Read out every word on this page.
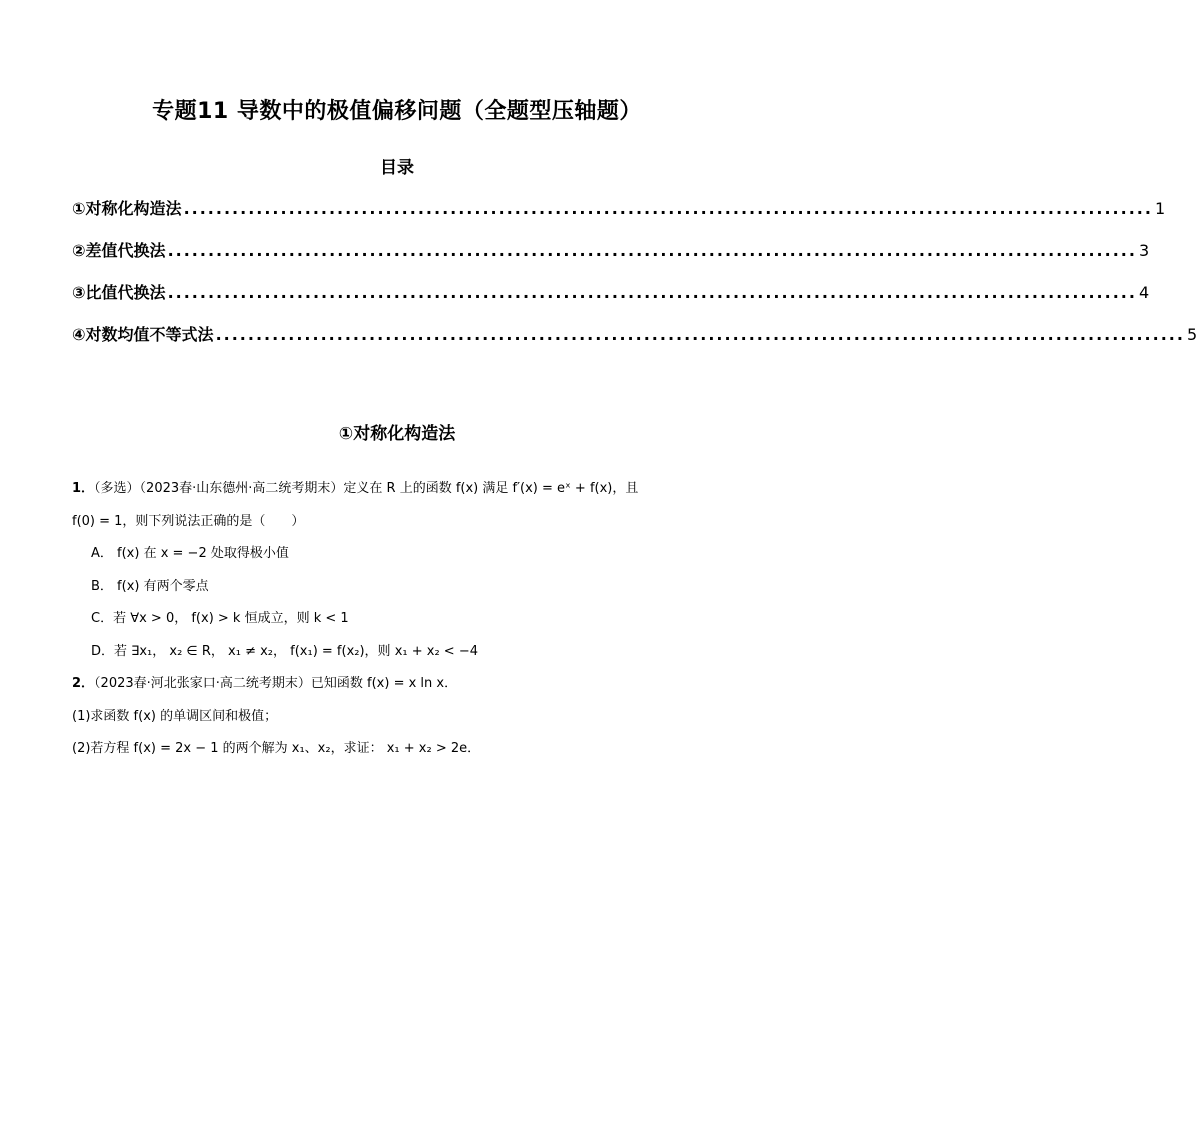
专题11 导数中的极值偏移问题（全题型压轴题）
目录
①对称化构造法 ........................................................................................................................ 1
②差值代换法 ........................................................................................................................ 3
③比值代换法 ........................................................................................................................ 4
④对数均值不等式法 ........................................................................................................................ 5
①对称化构造法
1．（多选）（2023春·山东德州·高二统考期末）定义在 R 上的函数 f(x) 满足 f′(x) = eˣ + f(x)，且
f(0) = 1，则下列说法正确的是（　　）
A． f(x) 在 x = −2 处取得极小值
B． f(x) 有两个零点
C．若 ∀x > 0， f(x) > k 恒成立，则 k < 1
D．若 ∃x₁， x₂ ∈ R， x₁ ≠ x₂， f(x₁) = f(x₂)，则 x₁ + x₂ < −4
2．（2023春·河北张家口·高二统考期末）已知函数 f(x) = x ln x．
(1)求函数 f(x) 的单调区间和极值；
(2)若方程 f(x) = 2x − 1 的两个解为 x₁、x₂，求证： x₁ + x₂ > 2e．
